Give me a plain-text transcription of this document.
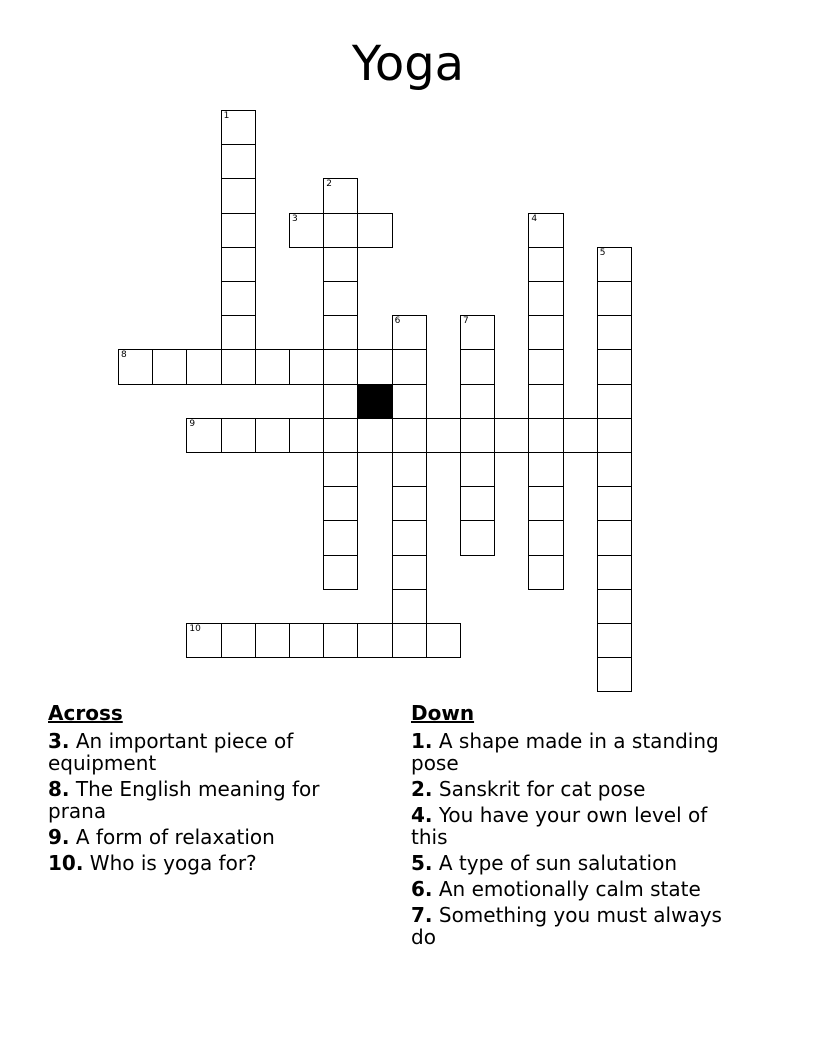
Yoga
1
2
3	4
5
6	7
8
9
10
Across
3. An important piece of equipment
8. The English meaning for prana
9. A form of relaxation
10. Who is yoga for?
Down
1. A shape made in a standing pose
2. Sanskrit for cat pose
4. You have your own level of this
5. A type of sun salutation
6. An emotionally calm state
7. Something you must always do
